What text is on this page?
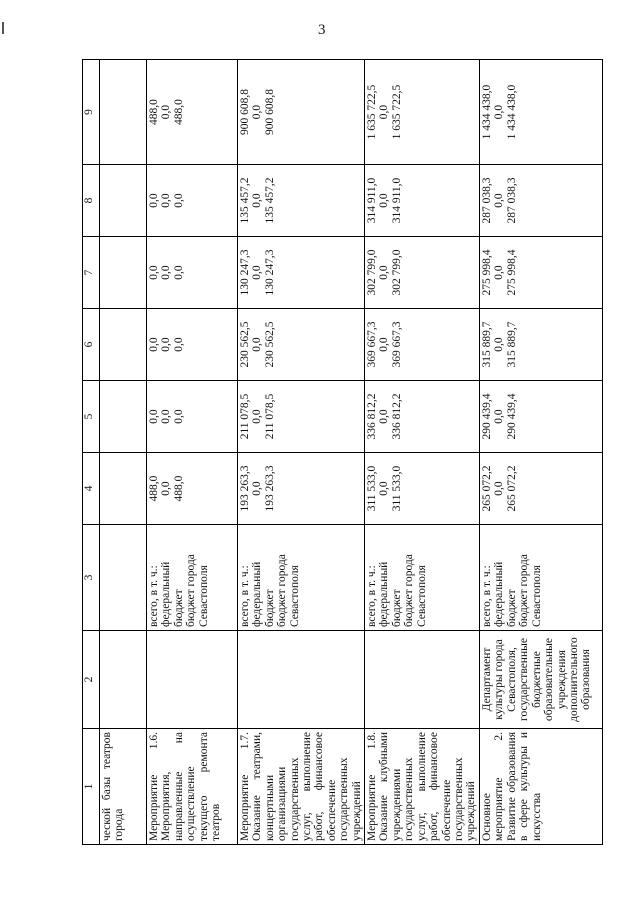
3
1	2	3	4	5	6	7	8	9
ческой базы театров города								
Мероприятие 1.6. Мероприятия, направленные на осуществление текущего ремонта театров		всего, в т. ч.:
федеральный бюджет
бюджет города Севастополя	488,0
0,0
488,0	0,0
0,0
0,0	0,0
0,0
0,0	0,0
0,0
0,0	0,0
0,0
0,0	488,0
0,0
488,0
Мероприятие 1.7. Оказание театрами, концертными организациями государственных услуг, выполнение работ, финансовое обеспечение государственных учреждений		всего, в т. ч.:
федеральный бюджет
бюджет города Севастополя	193 263,3
0,0
193 263,3	211 078,5
0,0
211 078,5	230 562,5
0,0
230 562,5	130 247,3
0,0
130 247,3	135 457,2
0,0
135 457,2	900 608,8
0,0
900 608,8
Мероприятие 1.8. Оказание клубными учреждениями государственных услуг, выполнение работ, финансовое обеспечение государственных учреждений		всего, в т. ч.:
федеральный бюджет
бюджет города Севастополя	311 533,0
0,0
311 533,0	336 812,2
0,0
336 812,2	369 667,3
0,0
369 667,3	302 799,0
0,0
302 799,0	314 911,0
0,0
314 911,0	1 635 722,5
0,0
1 635 722,5
Основное мероприятие 2. Развитие образования в сфере культуры и искусства	Департамент культуры города Севастополя, государственные бюджетные образовательные учреждения дополнительного образования	всего, в т. ч.:
федеральный бюджет
бюджет города Севастополя	265 072,2
0,0
265 072,2	290 439,4
0,0
290 439,4	315 889,7
0,0
315 889,7	275 998,4
0,0
275 998,4	287 038,3
0,0
287 038,3	1 434 438,0
0,0
1 434 438,0
